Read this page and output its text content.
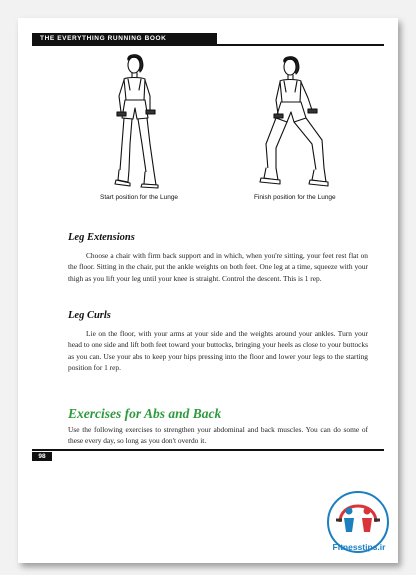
THE EVERYTHING RUNNING BOOK
Start position for the Lunge	Finish position for the Lunge
Leg Extensions

Choose a chair with firm back support and in which, when you're sitting, your feet rest flat on the floor. Sitting in the chair, put the ankle weights on both feet. One leg at a time, squeeze with your thigh as you lift your leg until your knee is straight. Control the descent. This is 1 rep.

Leg Curls

Lie on the floor, with your arms at your side and the weights around your ankles. Turn your head to one side and lift both feet toward your buttocks, bringing your heels as close to your buttocks as you can. Use your abs to keep your hips pressing into the floor and lower your legs to the starting position for 1 rep.

Exercises for Abs and Back

Use the following exercises to strengthen your abdominal and back muscles. You can do some of these every day, so long as you don't overdo it.

98
Fitnesstips.ir
